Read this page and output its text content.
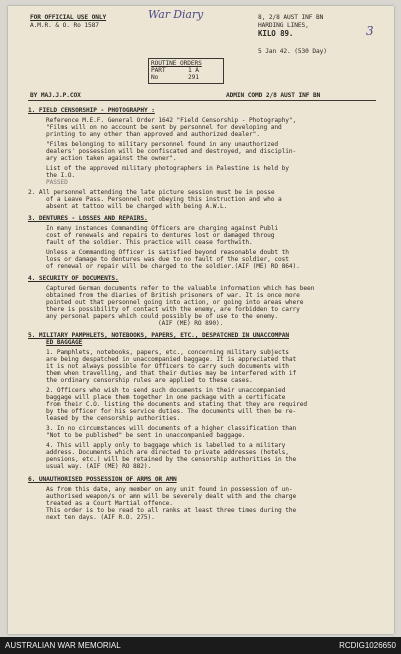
FOR OFFICIAL USE ONLY
A.M.R. & O. Ro 1587
War Diary	8, 2/8 AUST INF BN
HARDING LINES,
KILO 89.	3
5 Jan 42. (530 Day)
ROUTINE ORDERS
PART	1 A
No	291
BY MAJ.J.P.COX	ADMIN COMD 2/8 AUST INF BN
1. FIELD CENSORSHIP - PHOTOGRAPHY :
Reference M.E.F. General Order 1642 "Field Censorship - Photography",
"Films will on no account be sent by personnel for developing and
printing to any other than approved and authorized dealer".
"Films belonging to military personnel found in any unauthorized
dealers' possession will be confiscated and destroyed, and disciplin-
ary action taken against the owner".
List of the approved military photographers in Palestine is held by
the I.O.
PASSED
2. All personnel attending the late picture session must be in posse
of a Leave Pass. Personnel not obeying this instruction and who a
absent at tattoo will be charged with being A.W.L.
3. DENTURES - LOSSES AND REPAIRS.
In many instances Commanding Officers are charging against Publi
cost of renewals and repairs to dentures lost or damaged throug
fault of the soldier. This practice will cease forthwith.
Unless a Commanding Officer is satisfied beyond reasonable doubt th
loss or damage to dentures was due to no fault of the soldier, cost
of renewal or repair will be charged to the soldier.(AIF (ME) RO 864).
4. SECURITY OF DOCUMENTS.
Captured German documents refer to the valuable information which has been
obtained from the diaries of British prisoners of war. It is once more
pointed out that personnel going into action, or going into areas where
there is possibility of contact with the enemy, are forbidden to carry
any personal papers which could possibly be of use to the enemy.
(AIF (ME) RO 890).
5. MILITARY PAMPHLETS, NOTEBOOKS, PAPERS, ETC., DESPATCHED IN UNACCOMPAN
ED BAGGAGE
1. Pamphlets, notebooks, papers, etc., concerning military subjects
are being despatched in unaccompanied baggage. It is appreciated that
it is not always possible for Officers to carry such documents with
them when travelling, and that their duties may be interfered with if
the ordinary censorship rules are applied to these cases.
2. Officers who wish to send such documents in their unaccompanied
baggage will place them together in one package with a certificate
from their C.O. listing the documents and stating that they are required
by the officer for his service duties. The documents will then be re-
leased by the censorship authorities.
3. In no circumstances will documents of a higher classification than
"Not to be published" be sent in unaccompanied baggage.
4. This will apply only to baggage which is labelled to a military
address. Documents which are directed to private addresses (hotels,
pensions, etc.) will be retained by the censorship authorities in the
usual way. (AIF (ME) RO 882).
6. UNAUTHORISED POSSESSION OF ARMS OR AMN
As from this date, any member on any unit found in possession of un-
authorised weapon/s or amn will be severely dealt with and the charge
treated as a Court Martial offence.
This order is to be read to all ranks at least three times during the
next ten days. (AIF R.O. 275).
AUSTRALIAN WAR MEMORIAL	RCDIG1026650
